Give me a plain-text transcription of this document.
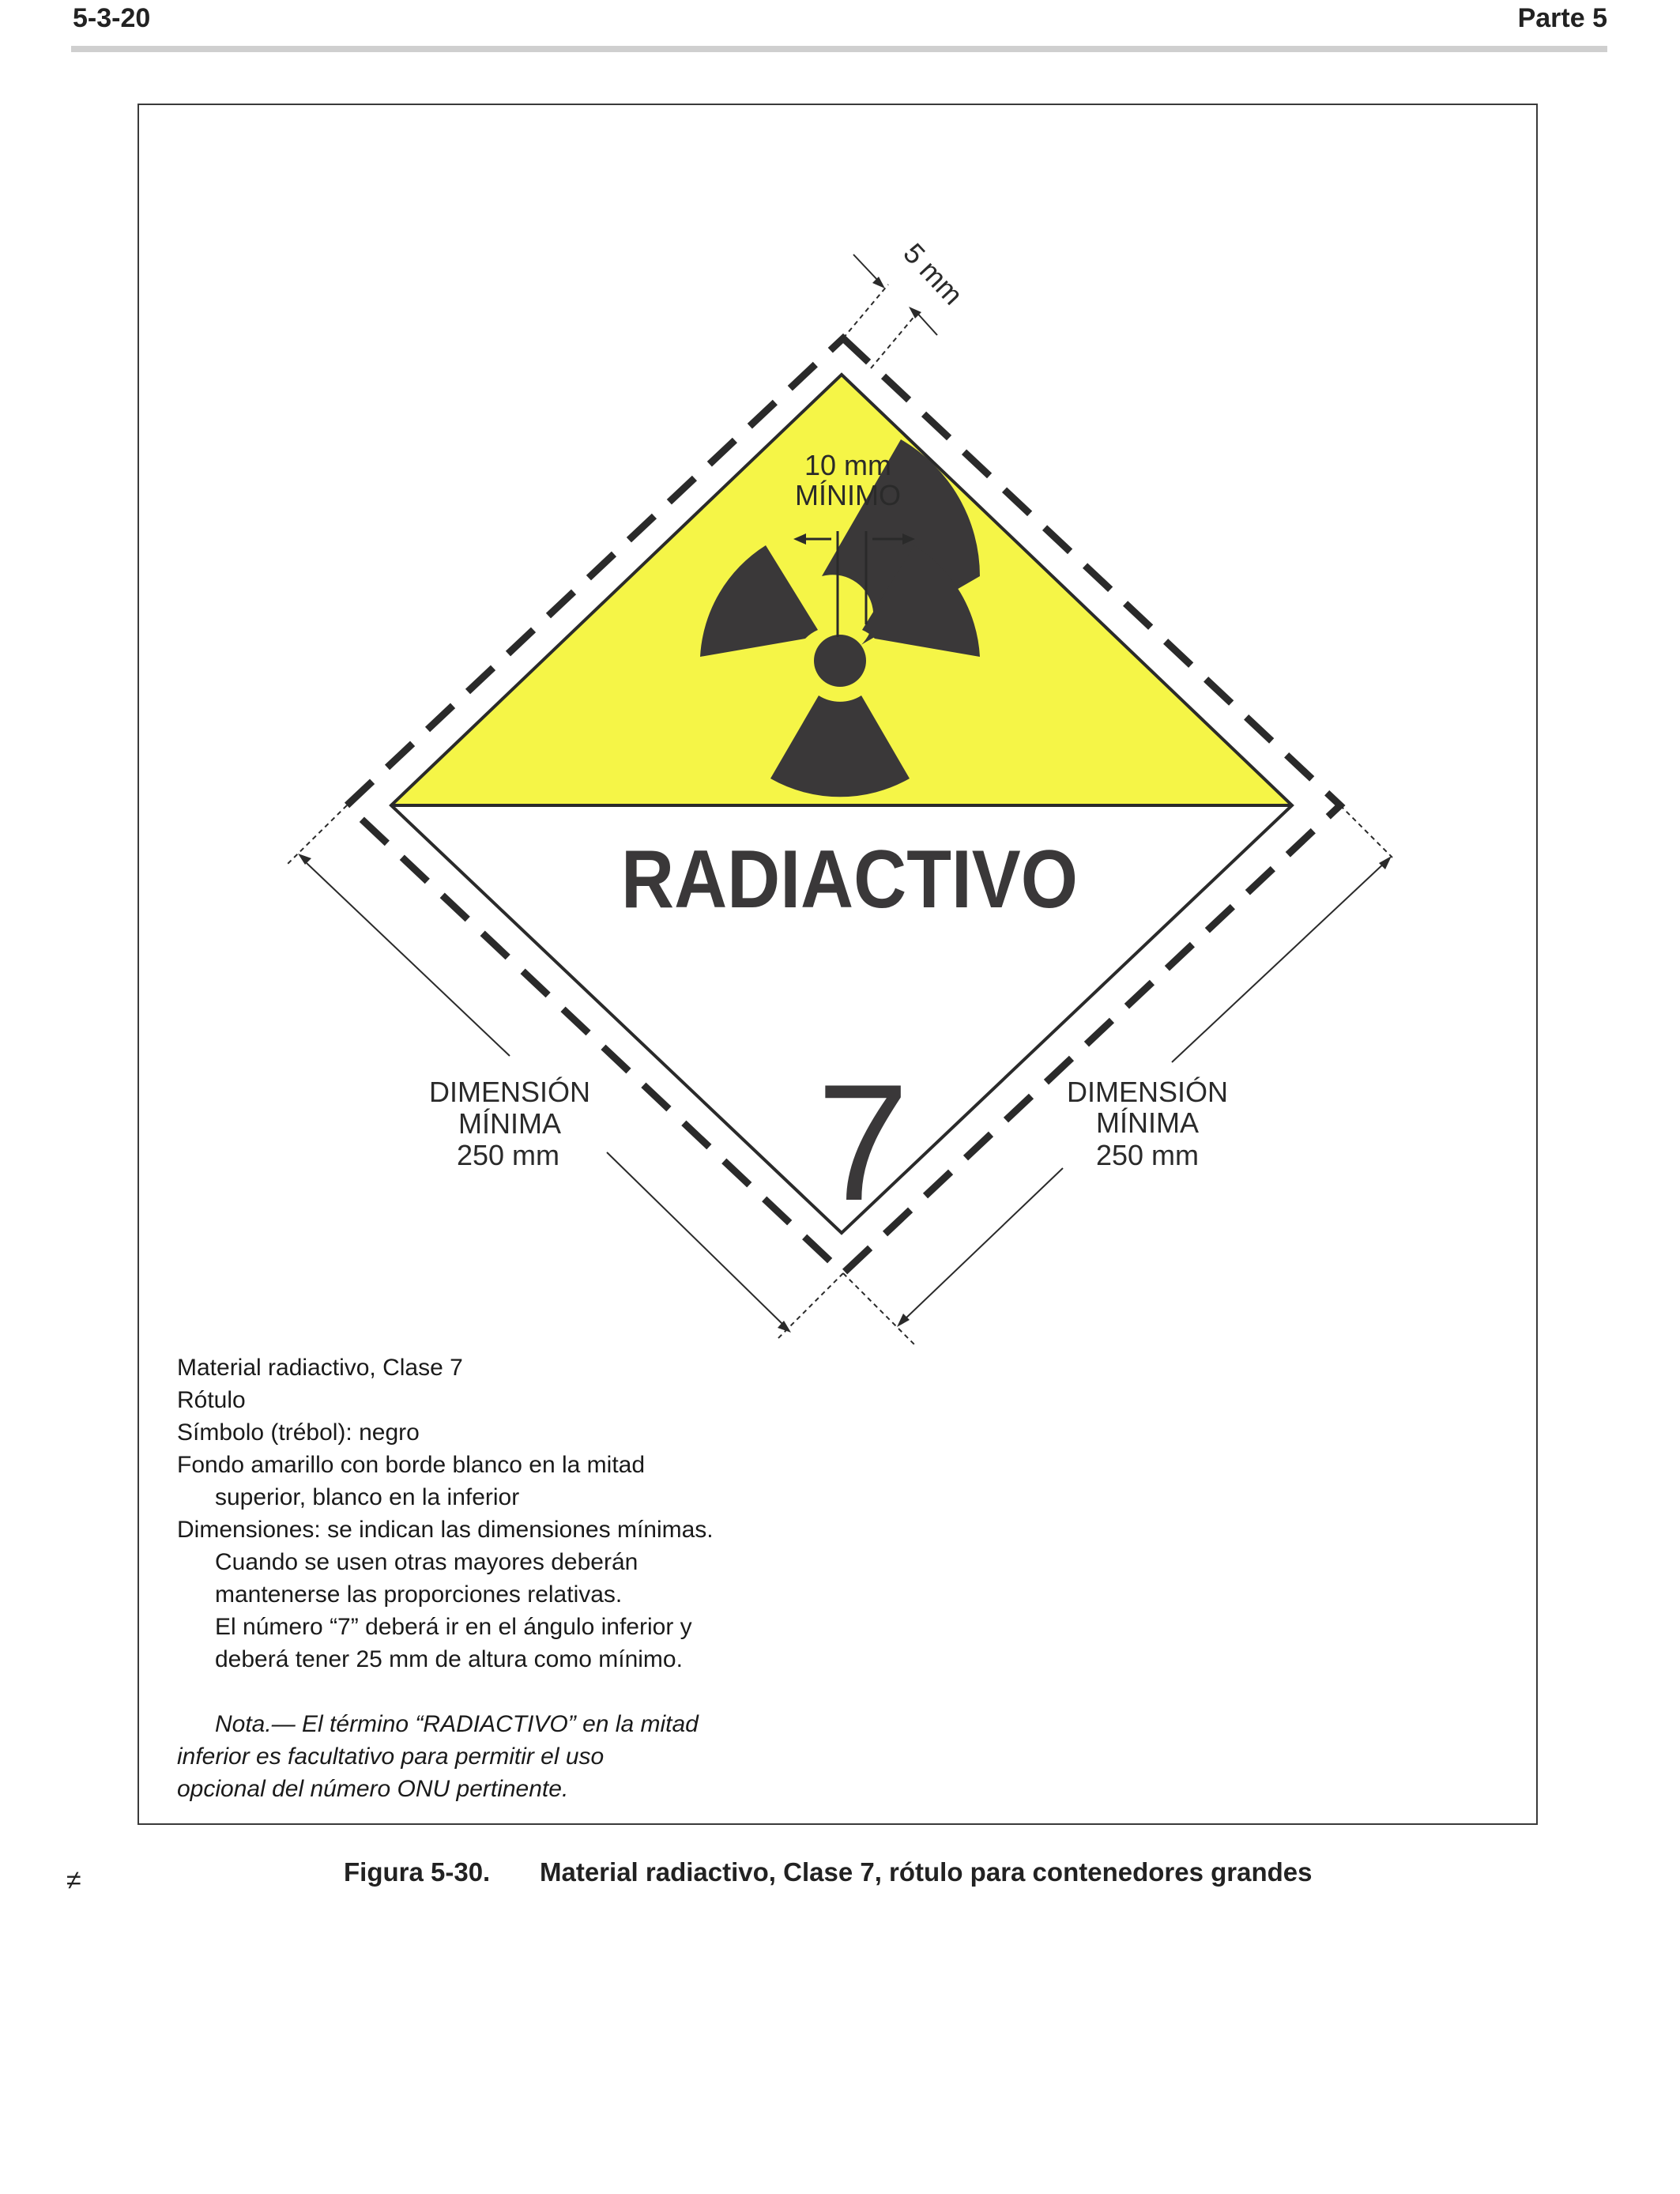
5-3-20	Parte 5
10 mm
MÍNIMO
RADIACTIVO
7
5 mm
DIMENSIÓN
MÍNIMA
250 mm
DIMENSIÓN
MÍNIMA
250 mm
Material radiactivo, Clase 7
Rótulo
Símbolo (trébol): negro
Fondo amarillo con borde blanco en la mitad
superior, blanco en la inferior
Dimensiones: se indican las dimensiones mínimas.
Cuando se usen otras mayores deberán
mantenerse las proporciones relativas.
El número “7” deberá ir en el ángulo inferior y
deberá tener 25 mm de altura como mínimo.
Nota.— El término “RADIACTIVO” en la mitad
inferior es facultativo para permitir el uso
opcional del número ONU pertinente.
≠	Figura 5-30. Material radiactivo, Clase 7, rótulo para contenedores grandes
